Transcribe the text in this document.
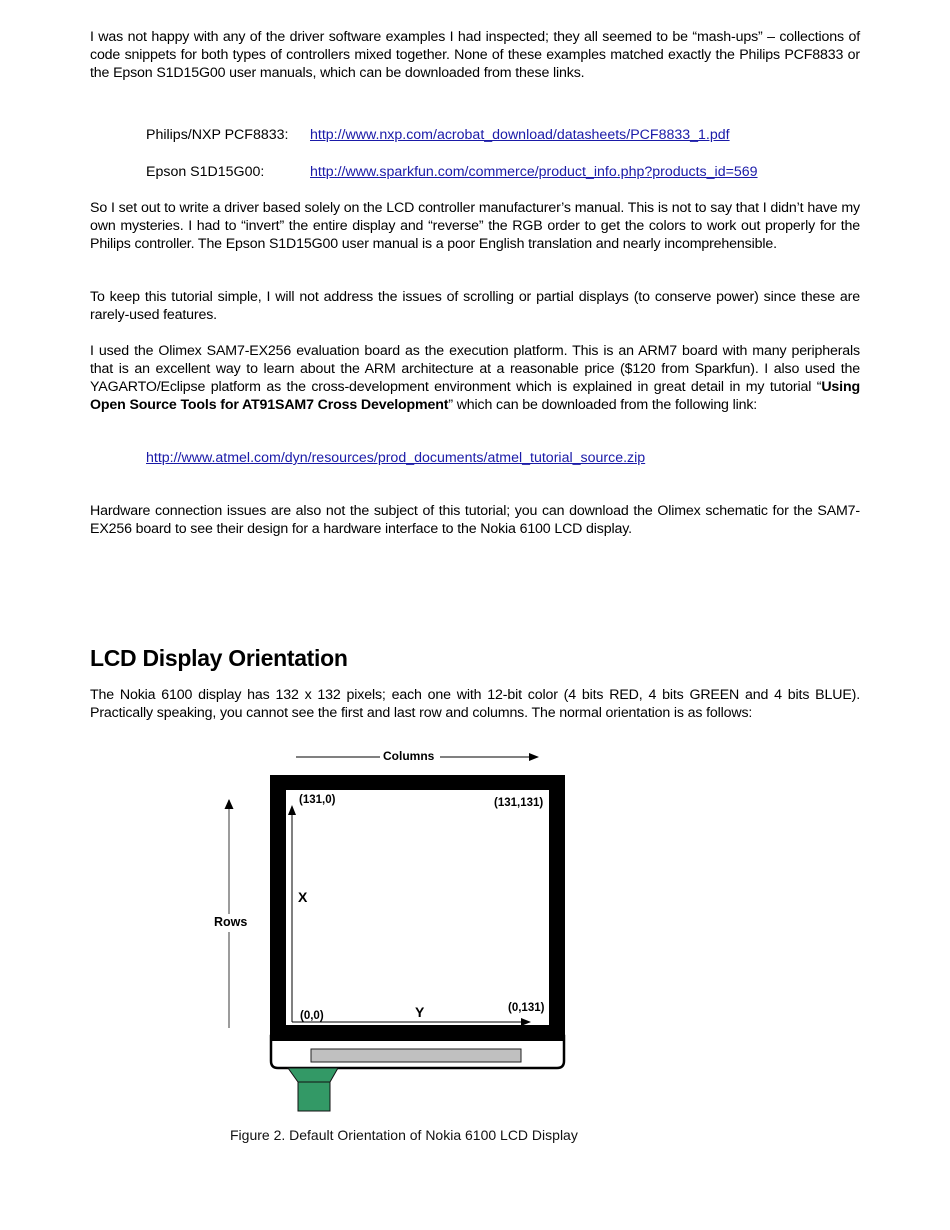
I was not happy with any of the driver software examples I had inspected; they all seemed to be “mash-ups” – collections of code snippets for both types of controllers mixed together. None of these examples matched exactly the Philips PCF8833 or the Epson S1D15G00 user manuals, which can be downloaded from these links.

Philips/NXP PCF8833: http://www.nxp.com/acrobat_download/datasheets/PCF8833_1.pdf
Epson S1D15G00:	http://www.sparkfun.com/commerce/product_info.php?products_id=569

So I set out to write a driver based solely on the LCD controller manufacturer’s manual. This is not to say that I didn’t have my own mysteries. I had to “invert” the entire display and “reverse” the RGB order to get the colors to work out properly for the Philips controller. The Epson S1D15G00 user manual is a poor English translation and nearly incomprehensible.

To keep this tutorial simple, I will not address the issues of scrolling or partial displays (to conserve power) since these are rarely-used features.

I used the Olimex SAM7-EX256 evaluation board as the execution platform. This is an ARM7 board with many peripherals that is an excellent way to learn about the ARM architecture at a reasonable price ($120 from Sparkfun). I also used the YAGARTO/Eclipse platform as the cross-development environment which is explained in great detail in my tutorial “Using Open Source Tools for AT91SAM7 Cross Development” which can be downloaded from the following link:

http://www.atmel.com/dyn/resources/prod_documents/atmel_tutorial_source.zip

Hardware connection issues are also not the subject of this tutorial; you can download the Olimex schematic for the SAM7-EX256 board to see their design for a hardware interface to the Nokia 6100 LCD display.

LCD Display Orientation

The Nokia 6100 display has 132 x 132 pixels; each one with 12-bit color (4 bits RED, 4 bits GREEN and 4 bits BLUE). Practically speaking, you cannot see the first and last row and columns. The normal orientation is as follows:

Columns
Rows
(131,0)	(131,131)
X
Y
(0,0)
(0,131)
Figure 2. Default Orientation of Nokia 6100 LCD Display
